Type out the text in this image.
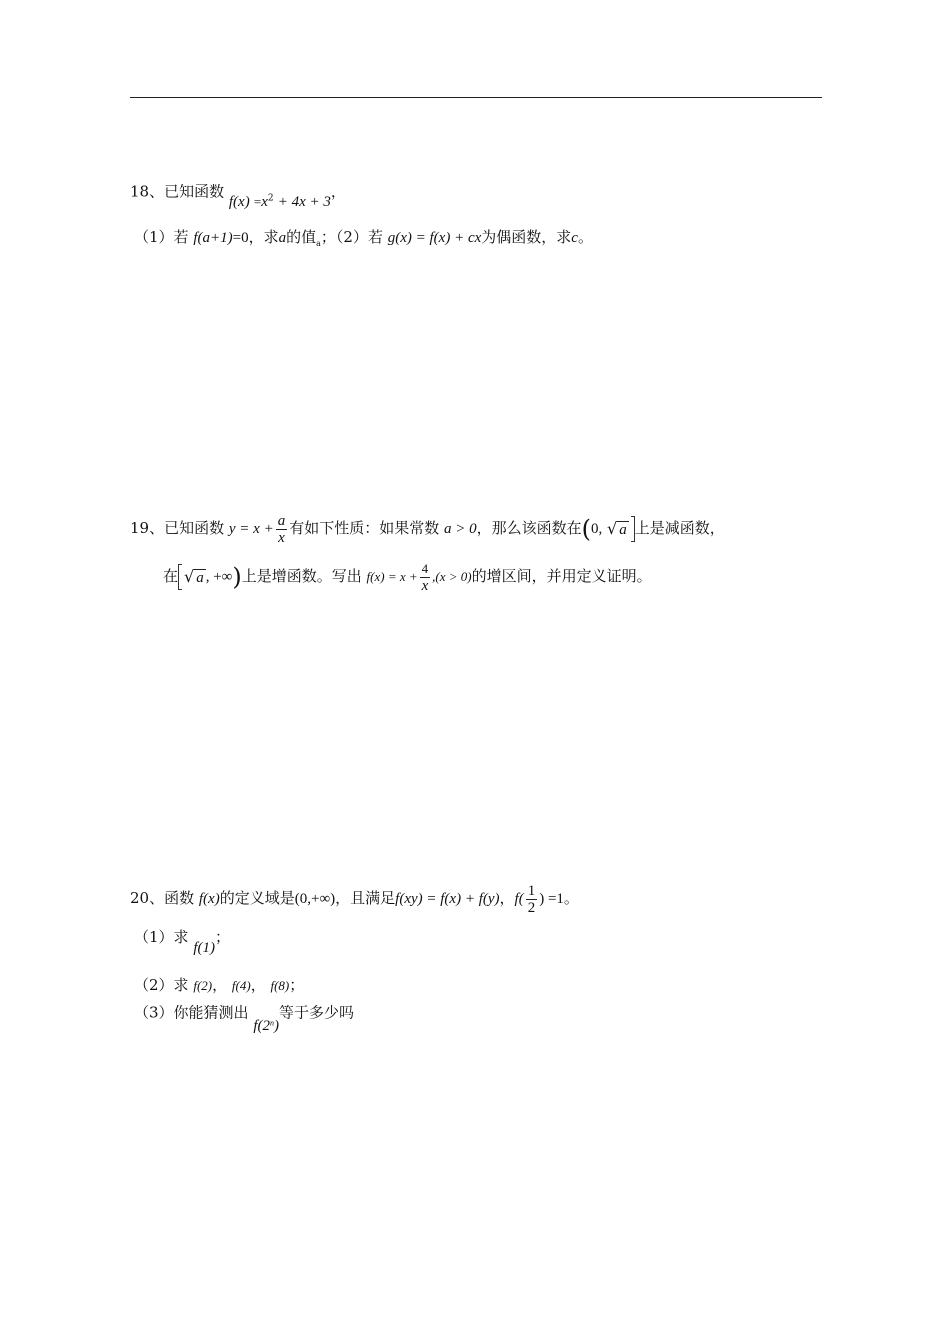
18、已知函数 $f(x) =x^2 + 4x + 3$，
（1）若 f(a+1)=0，求a的值$_a$；（2）若 g(x) = f(x) + cx为偶函数，求c。
19、已知函数 $y = x + \frac{a}{x}$ 有如下性质：如果常数 a > 0，那么该函数在(0, √ a 上是减函数，
在 √ a , +∞)上是增函数。写出 $f(x) = x + \frac{4}{x} ,(x > 0)$的增区间，并用定义证明。
20、函数 f(x)的定义域是(0,+∞)，且满足f(xy) = f(x) + f(y)，$f( \frac{1}{2}$ ) =1。
（1）求 f(1)；
（2）求 f(2)， f(4)， f(8)；
（3）你能猜测出 $_{f(2^n)}$等于多少吗
